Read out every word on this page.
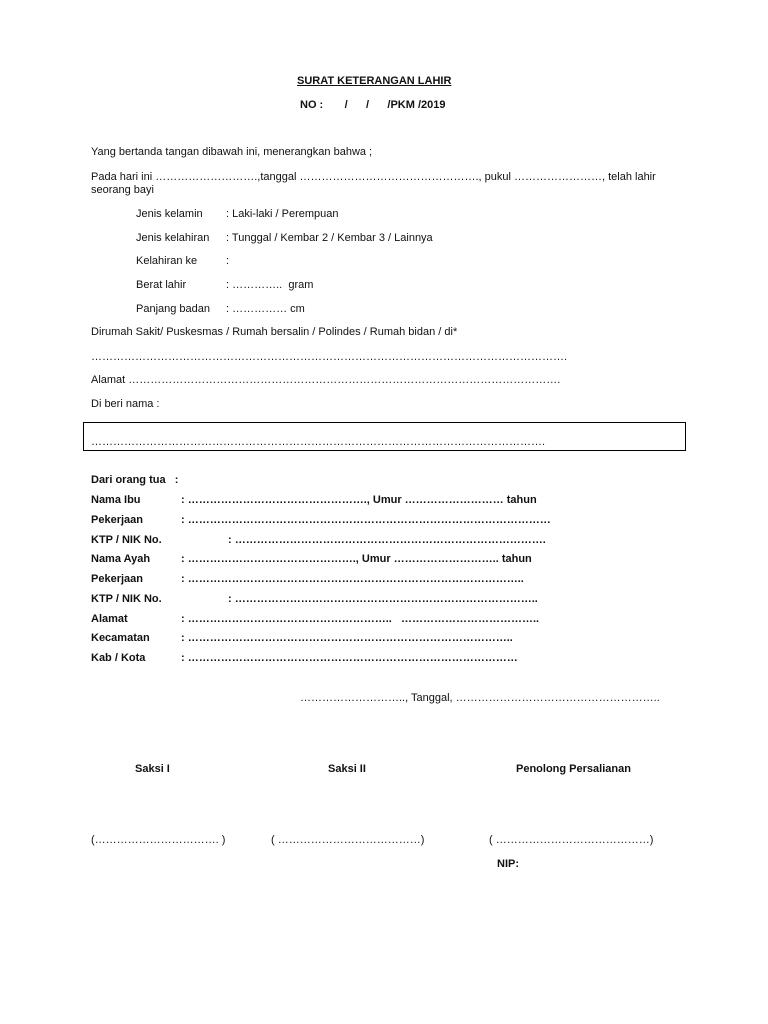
SURAT KETERANGAN LAHIR
NO :       /      /      /PKM /2019
Yang bertanda tangan dibawah ini, menerangkan bahwa ;
Pada hari ini ……………………….,tanggal …………………………………………., pukul ……………………, telah lahir
seorang bayi
Jenis kelamin : Laki-laki / Perempuan
Jenis kelahiran : Tunggal / Kembar 2 / Kembar 3 / Lainnya
Kelahiran ke	:
Berat lahir	: …………..  gram
Panjang badan : …………… cm
Dirumah Sakit/ Puskesmas / Rumah bersalin / Polindes / Rumah bidan / di*
………………………………………………………………………………………………………………….
Alamat ……………………………………………………………………………………………………….
Di beri nama :
…………………………………………………………………………………………………………….
Dari orang tua   :
Nama Ibu	: …………………………………………., Umur ……………………… tahun
Pekerjaan	: ………………………………………………………………………………………
KTP / NIK No.	: ………………………………………………………………………….
Nama Ayah	: ………………………………………., Umur ……………………….. tahun
Pekerjaan	: ………………………………………………………………………………..
KTP / NIK No.	: ………………………………………………………………………..
Alamat	: ………………………………………………..   ………………………………..
Kecamatan	: ……………………………………………………………………………..
Kab / Kota	: ………………………………………………………………………………
……………………….., Tanggal, ………………………………………………..
Saksi I	Saksi II	Penolong Persalianan
(……………………………. )	( …………………………………)	( ……………………………………)
NIP:
